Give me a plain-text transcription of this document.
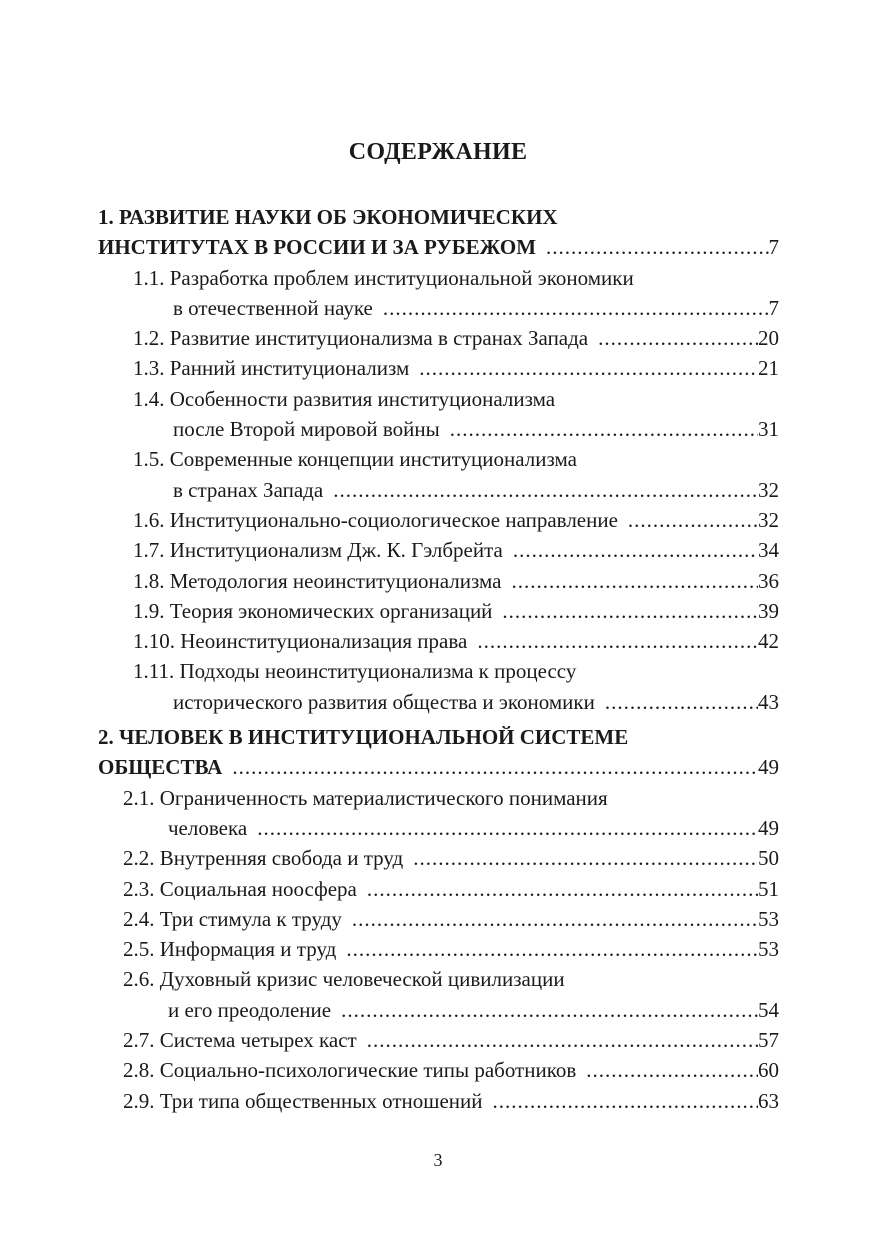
СОДЕРЖАНИЕ
1. РАЗВИТИЕ НАУКИ ОБ ЭКОНОМИЧЕСКИХ
ИНСТИТУТАХ В РОССИИ И ЗА РУБЕЖОМ .....	7
1.1. Разработка проблем институциональной экономики
в отечественной науке .....	7
1.2. Развитие институционализма в странах Запада .....	20
1.3. Ранний институционализм .....	21
1.4. Особенности развития институционализма
после Второй мировой войны .....	31
1.5. Современные концепции институционализма
в странах Запада .....	32
1.6. Институционально-социологическое направление .....	32
1.7. Институционализм Дж. К. Гэлбрейта .....	34
1.8. Методология неоинституционализма .....	36
1.9. Теория экономических организаций .....	39
1.10. Неоинституционализация права .....	42
1.11. Подходы неоинституционализма к процессу
исторического развития общества и экономики .....	43
2. ЧЕЛОВЕК В ИНСТИТУЦИОНАЛЬНОЙ СИСТЕМЕ
ОБЩЕСТВА .....	49
2.1. Ограниченность материалистического понимания
человека .....	49
2.2. Внутренняя свобода и труд .....	50
2.3. Социальная ноосфера .....	51
2.4. Три стимула к труду .....	53
2.5. Информация и труд .....	53
2.6. Духовный кризис человеческой цивилизации
и его преодоление .....	54
2.7. Система четырех каст .....	57
2.8. Социально-психологические типы работников .....	60
2.9. Три типа общественных отношений .....	63
3
